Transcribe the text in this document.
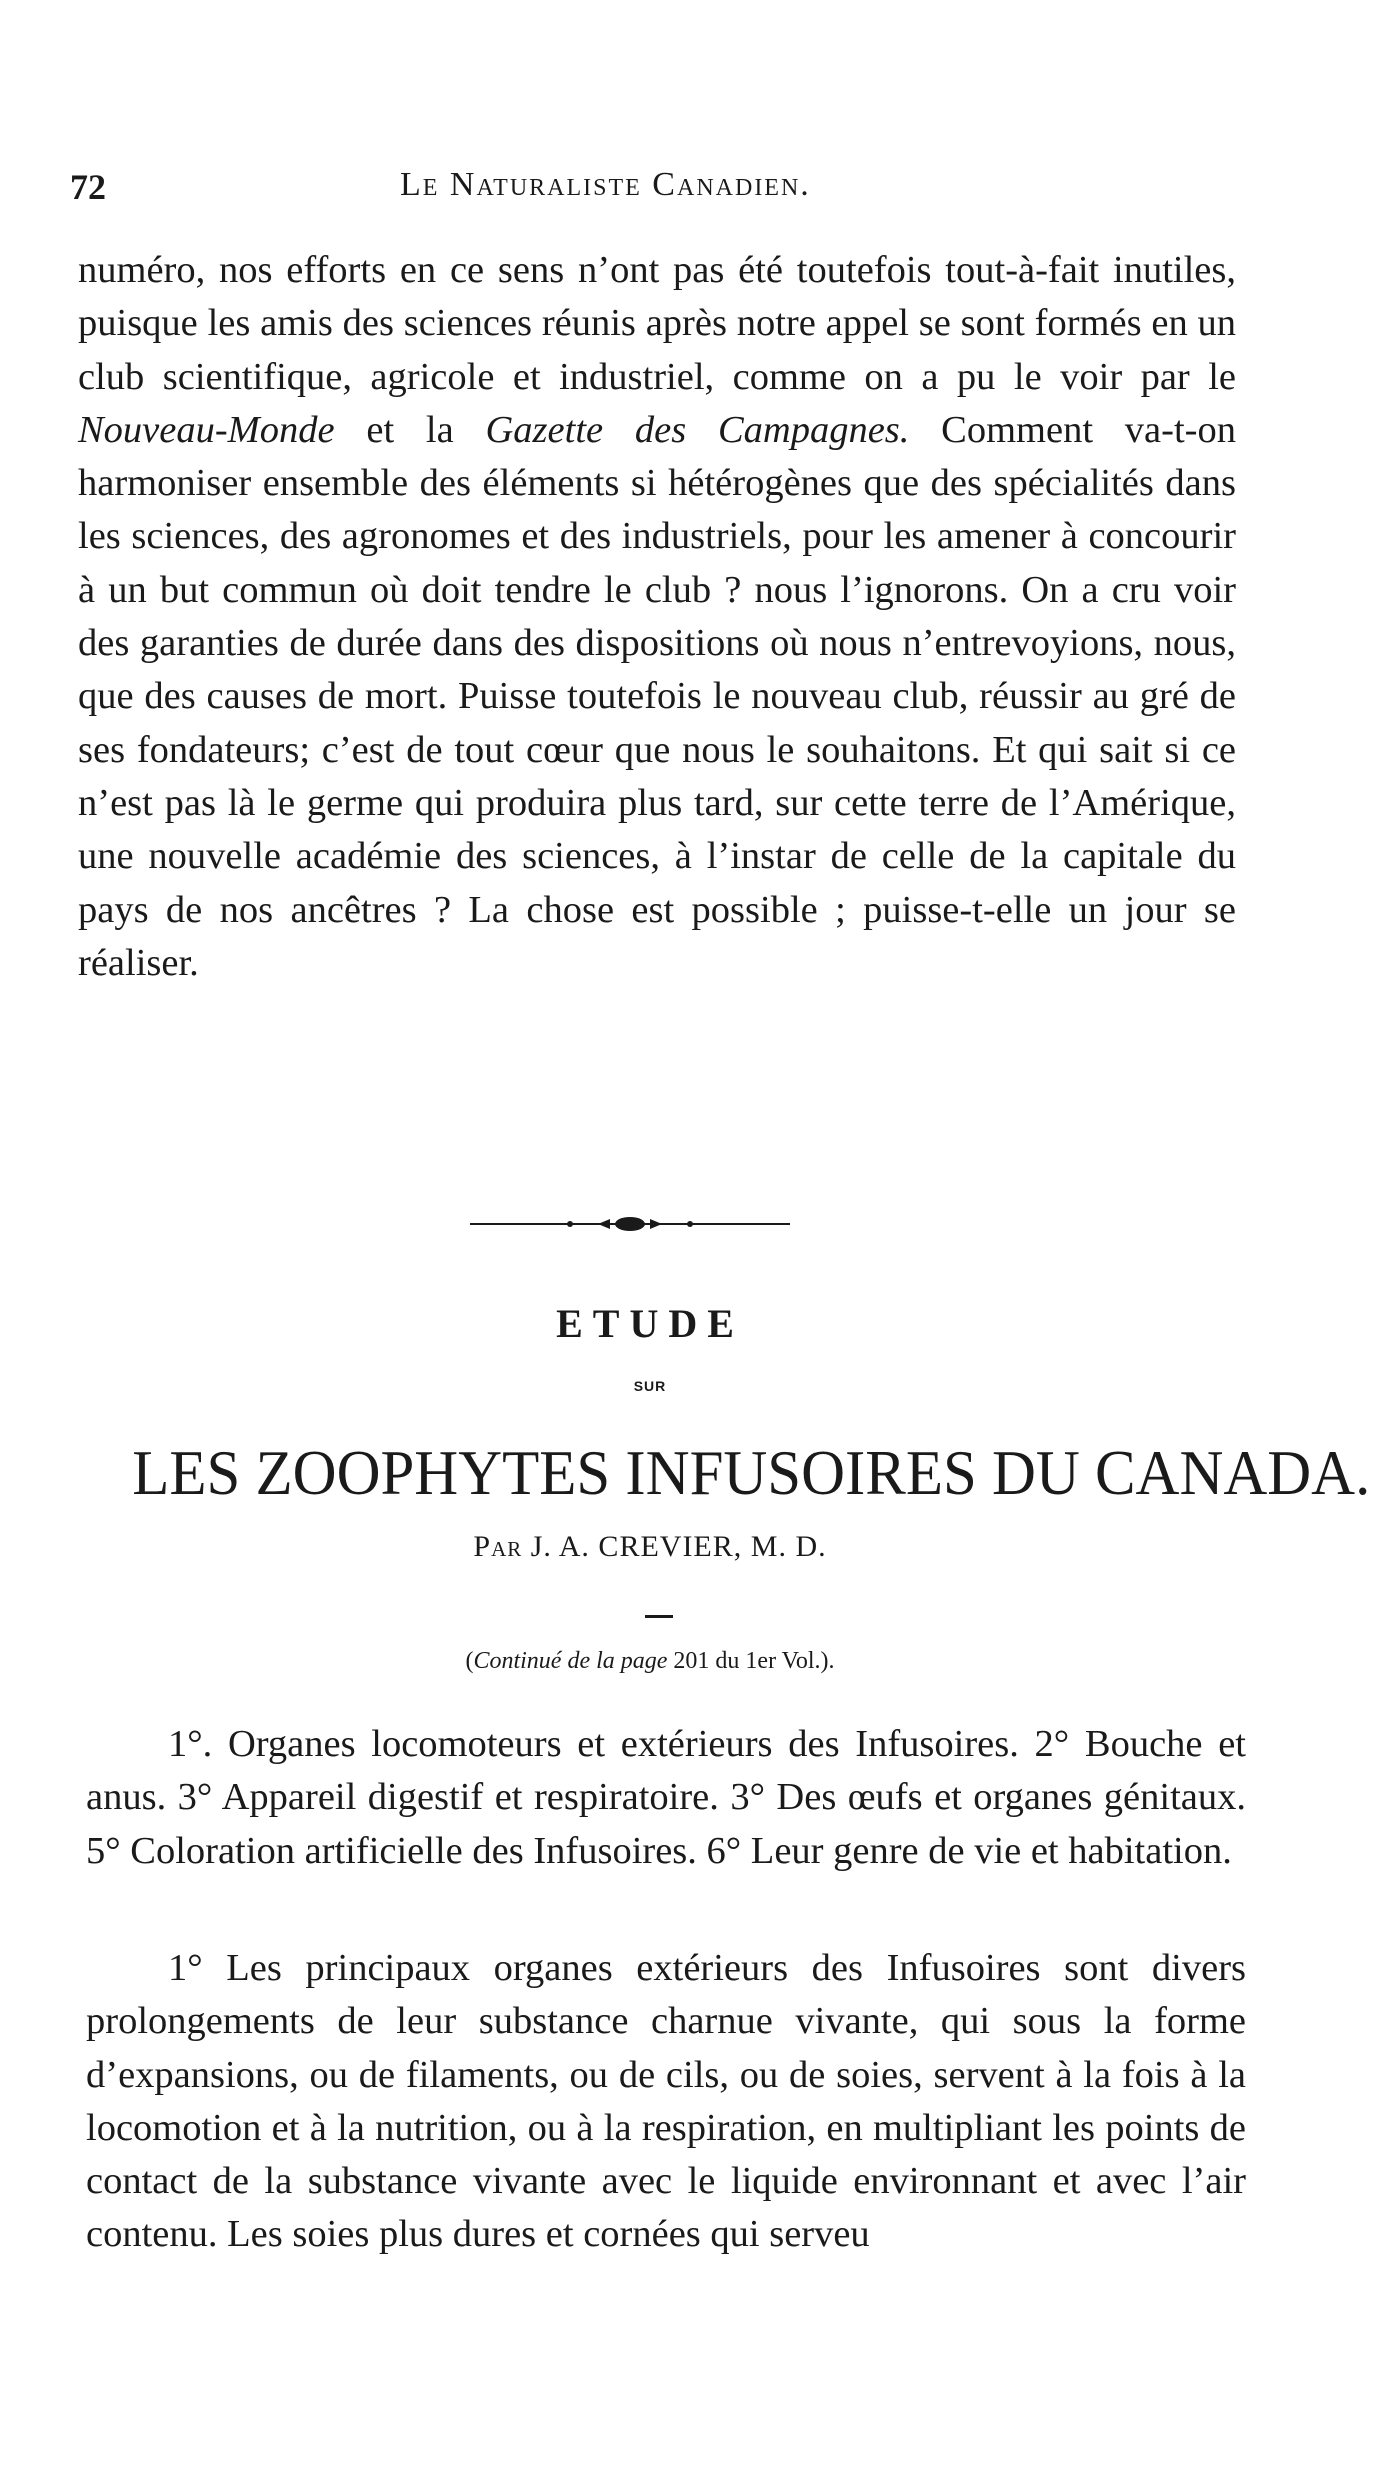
72	Le Naturaliste Canadien.

numéro, nos efforts en ce sens n’ont pas été toutefois tout-à-fait inutiles, puisque les amis des sciences réunis après notre appel se sont formés en un club scientifique, agricole et industriel, comme on a pu le voir par le Nouveau-Monde et la Gazette des Campagnes. Comment va-t-on harmoniser ensemble des éléments si hétérogènes que des spécialités dans les sciences, des agronomes et des industriels, pour les amener à concourir à un but commun où doit tendre le club ? nous l’ignorons. On a cru voir des garanties de durée dans des dispositions où nous n’entrevoyions, nous, que des causes de mort. Puisse toutefois le nouveau club, réussir au gré de ses fondateurs; c’est de tout cœur que nous le souhaitons. Et qui sait si ce n’est pas là le germe qui produira plus tard, sur cette terre de l’Amérique, une nouvelle académie des sciences, à l’instar de celle de la capitale du pays de nos ancêtres ? La chose est possible ; puisse-t-elle un jour se réaliser.

ETUDE
SUR
LES ZOOPHYTES INFUSOIRES DU CANADA.
Par J. A. CREVIER, M. D.
(Continué de la page 201 du 1er Vol.).

1°. Organes locomoteurs et extérieurs des Infusoires. 2° Bouche et anus. 3° Appareil digestif et respiratoire. 3° Des œufs et organes génitaux. 5° Coloration artificielle des Infusoires. 6° Leur genre de vie et habitation.

1° Les principaux organes extérieurs des Infusoires sont divers prolongements de leur substance charnue vivante, qui sous la forme d’expansions, ou de filaments, ou de cils, ou de soies, servent à la fois à la locomotion et à la nutrition, ou à la respiration, en multipliant les points de contact de la substance vivante avec le liquide environnant et avec l’air contenu. Les soies plus dures et cornées qui serveu
